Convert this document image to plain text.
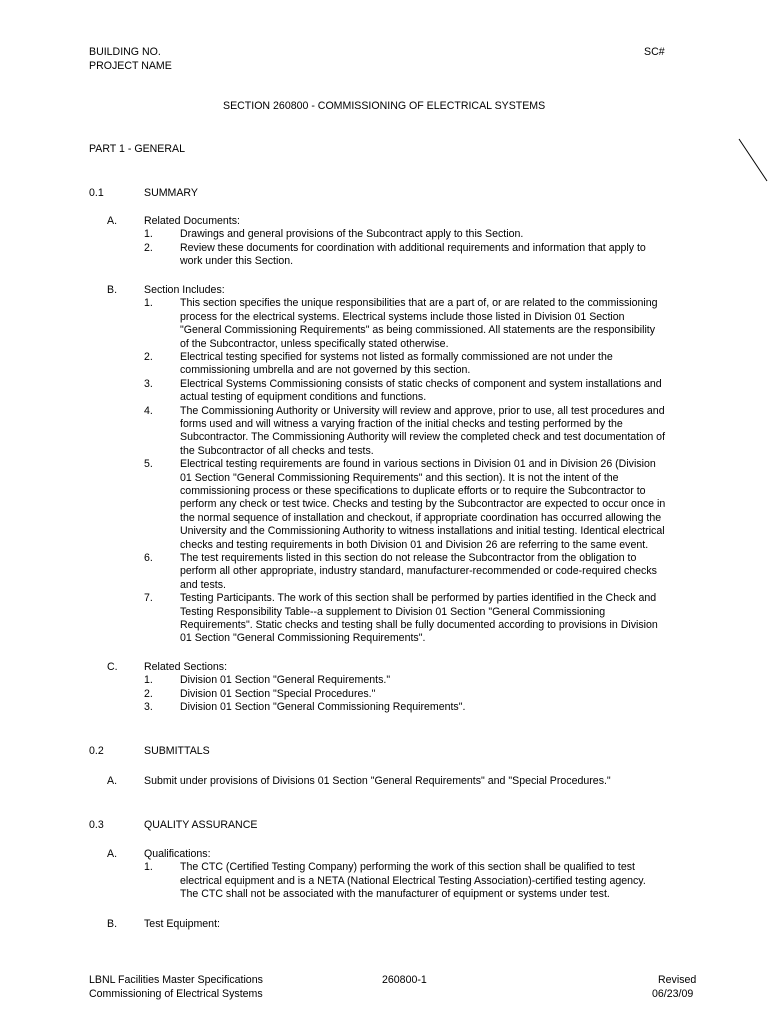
BUILDING NO.
PROJECT NAME
SC#
SECTION 260800 - COMMISSIONING OF ELECTRICAL SYSTEMS
PART 1 - GENERAL
0.1	SUMMARY
A.	Related Documents:
1.	Drawings and general provisions of the Subcontract apply to this Section.
2.	Review these documents for coordination with additional requirements and information that apply to
work under this Section.
B.	Section Includes:
1.	This section specifies the unique responsibilities that are a part of, or are related to the commissioning
process for the electrical systems. Electrical systems include those listed in Division 01 Section
"General Commissioning Requirements" as being commissioned. All statements are the responsibility
of the Subcontractor, unless specifically stated otherwise.
2.	Electrical testing specified for systems not listed as formally commissioned are not under the
commissioning umbrella and are not governed by this section.
3.	Electrical Systems Commissioning consists of static checks of component and system installations and
actual testing of equipment conditions and functions.
4.	The Commissioning Authority or University will review and approve, prior to use, all test procedures and
forms used and will witness a varying fraction of the initial checks and testing performed by the
Subcontractor. The Commissioning Authority will review the completed check and test documentation of
the Subcontractor of all checks and tests.
5.	Electrical testing requirements are found in various sections in Division 01 and in Division 26 (Division
01 Section "General Commissioning Requirements" and this section). It is not the intent of the
commissioning process or these specifications to duplicate efforts or to require the Subcontractor to
perform any check or test twice. Checks and testing by the Subcontractor are expected to occur once in
the normal sequence of installation and checkout, if appropriate coordination has occurred allowing the
University and the Commissioning Authority to witness installations and initial testing. Identical electrical
checks and testing requirements in both Division 01 and Division 26 are referring to the same event.
6.	The test requirements listed in this section do not release the Subcontractor from the obligation to
perform all other appropriate, industry standard, manufacturer-recommended or code-required checks
and tests.
7.	Testing Participants. The work of this section shall be performed by parties identified in the Check and
Testing Responsibility Table--a supplement to Division 01 Section "General Commissioning
Requirements". Static checks and testing shall be fully documented according to provisions in Division
01 Section "General Commissioning Requirements".
C. Related Sections:
1.	Division 01 Section "General Requirements."
2.	Division 01 Section "Special Procedures."
3.	Division 01 Section "General Commissioning Requirements".
0.2	SUBMITTALS
A.	Submit under provisions of Divisions 01 Section "General Requirements" and "Special Procedures."
0.3	QUALITY ASSURANCE
A.	Qualifications:
1.	The CTC (Certified Testing Company) performing the work of this section shall be qualified to test
electrical equipment and is a NETA (National Electrical Testing Association)-certified testing agency.
The CTC shall not be associated with the manufacturer of equipment or systems under test.
B.	Test Equipment:
LBNL Facilities Master Specifications
Commissioning of Electrical Systems
260800-1	Revised
06/23/09
